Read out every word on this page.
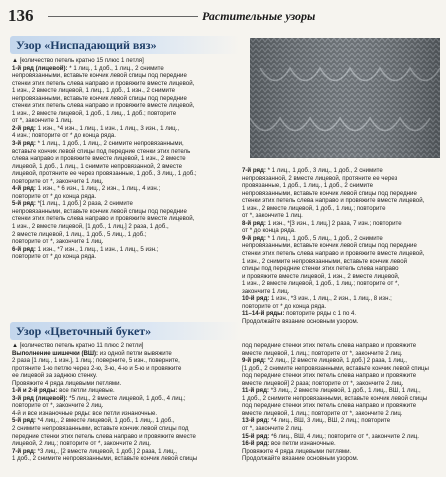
136	Растительные узоры
Узор «Ниспадающий вяз»

▲ [количество петель кратно 15 плюс 1 петля]

1-й ряд (лицевой): * 1 лиц., 1 доб., 1 лиц., 2 снимите

непровязанными, вставьте кончик левой спицы под передние

стенки этих петель слева направо и провяжите вместе лицевой,

1 изн., 2 вместе лицевой, 1 лиц., 1 доб., 1 изн., 2 снимите

непровязанными, вставьте кончик левой спицы под передние

стенки этих петель слева направо и провяжите вместе лицевой,

1 изн., 2 вместе лицевой, 1 доб., 1 лиц., 1 доб.; повторите

от *, закончите 1 лиц.

2-й ряд: 1 изн., *4 изн., 1 лиц., 1 изн., 1 лиц., 3 изн., 1 лиц.,

4 изн.; повторите от * до конца ряда.

3-й ряд: * 1 лиц., 1 доб., 1 лиц., 2 снимите непровязанными,

вставьте кончик левой спицы под передние стенки этих петель

слева направо и провяжите вместе лицевой, 1 изн., 2 вместе

лицевой, 1 доб., 1 лиц., 1 снимите непровязанной, 2 вместе

лицевой, протяните ее через провязанные, 1 доб., 3 лиц., 1 доб.;

повторите от *, закончите 1 лиц.

4-й ряд: 1 изн., * 6 изн., 1 лиц., 2 изн., 1 лиц., 4 изн.;

повторите от * до конца ряда.

5-й ряд: *[1 лиц., 1 доб.] 2 раза, 2 снимите

непровязанными, вставьте кончик левой спицы под передние

стенки этих петель слева направо и провяжите вместе лицевой,

1 изн., 2 вместе лицевой, [1 доб., 1 лиц.] 2 раза, 1 доб.,

2 вместе лицевой, 1 лиц., 1 доб., 5 лиц., 1 доб.;

повторите от *, закончите 1 лиц.

6-й ряд: 1 изн., *7 изн., 1 лиц., 1 изн., 1 лиц., 5 изн.;

повторите от * до конца ряда.

7-й ряд: * 1 лиц., 1 доб., 3 лиц., 1 доб., 2 снимите

непровязанной, 2 вместе лицевой, протяните ее через

провязанные, 1 доб., 1 лиц., 1 доб., 2 снимите

непровязанными, вставьте кончик левой спицы под передние

стенки этих петель слева направо и провяжите вместе лицевой,

1 изн., 2 вместе лицевой, 1 доб., 1 лиц.; повторите

от *, закончите 1 лиц.

8-й ряд: 1 изн., *[3 изн., 1 лиц.] 2 раза, 7 изн.; повторите

от * до конца ряда.

9-й ряд: * 1 лиц., 1 доб., 5 лиц., 1 доб., 2 снимите

непровязанными, вставьте кончик левой спицы под передние

стенки этих петель слева направо и провяжите вместе лицевой,

1 изн., 2 снимите непровязанными, вставьте кончик левой

спицы под передние стенки этих петель слева направо

и провяжите вместе лицевой, 1 изн., 2 вместе лицевой,

1 изн., 2 вместе лицевой, 1 доб., 1 лиц.; повторите от *,

закончите 1 лиц.

10-й ряд: 1 изн., *3 изн., 1 лиц., 2 изн., 1 лиц., 8 изн.;

повторите от * до конца ряда.

11–14-й ряды: повторите ряды с 1 по 4.

Продолжайте вязание основным узором.

Узор «Цветочный букет»

▲ [количество петель кратно 11 плюс 2 петли]

Выполнение шишечки (ВШ): из одной петли вывяжите

2 раза [1 лиц., 1 изн.], 1 лиц.; поверните, 5 изн., поверните,

протяните 1-ю петлю через 2-ю, 3-ю, 4-ю и 5-ю и провяжите

ее лицевой за заднюю стенку.

Провяжите 4 ряда лицевыми петлями.

1-й и 2-й ряды: все петли лицевые.

3-й ряд (лицевой): *5 лиц., 2 вместе лицевой, 1 доб., 4 лиц.;

повторите от *, закончите 2 лиц.

4-й и все изнаночные ряды: все петли изнаночные.

5-й ряд: *4 лиц., 2 вместе лицевой, 1 доб., 1 лиц., 1 доб.,

2 снимите непровязанными, вставьте кончик левой спицы под

передние стенки этих петель слева направо и провяжите вместе

лицевой, 2 лиц.; повторите от *, закончите 2 лиц.

7-й ряд: *3 лиц., [2 вместе лицевой, 1 доб.] 2 раза, 1 лиц.,

1 доб., 2 снимите непровязанными, вставьте кончик левой спицы

под передние стенки этих петель слева направо и провяжите

вместе лицевой, 1 лиц.; повторите от *, закончите 2 лиц.

9-й ряд: *2 лиц., [2 вместе лицевой, 1 доб.] 2 раза, 1 лиц.,

[1 доб., 2 снимите непровязанными, вставьте кончик левой спицы

под передние стенки этих петель слева направо и провяжите

вместе лицевой] 2 раза; повторите от *, закончите 2 лиц.

11-й ряд: *3 лиц., 2 вместе лицевой, 1 доб., 1 лиц., ВШ, 1 лиц.,

1 доб., 2 снимите непровязанными, вставьте кончик левой спицы

под передние стенки этих петель слева направо и провяжите

вместе лицевой, 1 лиц.; повторите от *, закончите 2 лиц.

13-й ряд: *4 лиц., ВШ, 3 лиц., ВШ, 2 лиц.; повторите

от *, закончите 2 лиц.

15-й ряд: *6 лиц., ВШ, 4 лиц.; повторите от *, закончите 2 лиц.

16-й ряд: все петли изнаночные.

Провяжите 4 ряда лицевыми петлями.

Продолжайте вязание основным узором.
